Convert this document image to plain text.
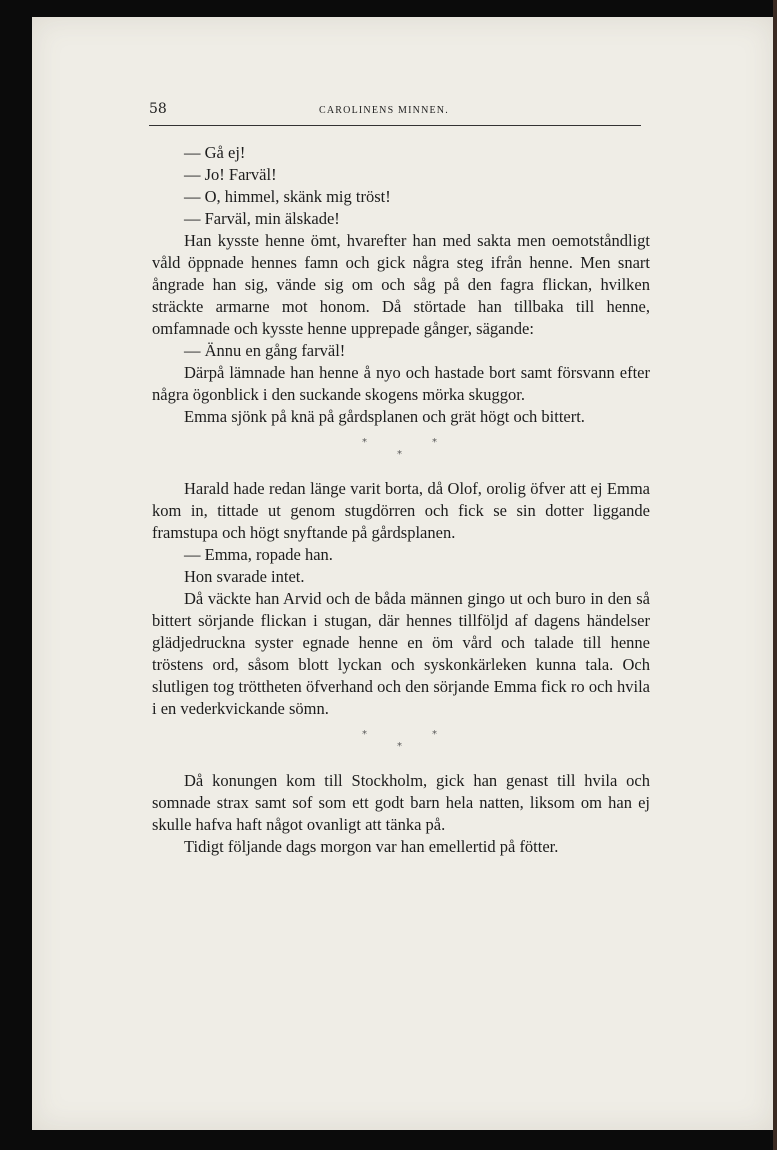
58	CAROLINENS MINNEN.

— Gå ej!

— Jo! Farväl!

— O, himmel, skänk mig tröst!

— Farväl, min älskade!

Han kysste henne ömt, hvarefter han med sakta men oemotståndligt våld öppnade hennes famn och gick några steg ifrån henne. Men snart ångrade han sig, vände sig om och såg på den fagra flickan, hvilken sträckte armarne mot honom. Då störtade han tillbaka till henne, omfamnade och kysste henne upprepade gånger, sägande:

— Ännu en gång farväl!

Därpå lämnade han henne å nyo och hastade bort samt försvann efter några ögonblick i den suckande skogens mörka skuggor.

Emma sjönk på knä på gårdsplanen och grät högt och bittert.

*	*
*

Harald hade redan länge varit borta, då Olof, orolig öfver att ej Emma kom in, tittade ut genom stugdörren och fick se sin dotter liggande framstupa och högt snyftande på gårdsplanen.

— Emma, ropade han.

Hon svarade intet.

Då väckte han Arvid och de båda männen gingo ut och buro in den så bittert sörjande flickan i stugan, där hennes tillföljd af dagens händelser glädjedruckna syster egnade henne en öm vård och talade till henne tröstens ord, såsom blott lyckan och syskonkärleken kunna tala. Och slutligen tog tröttheten öfverhand och den sörjande Emma fick ro och hvila i en vederkvickande sömn.

*	*
*

Då konungen kom till Stockholm, gick han genast till hvila och somnade strax samt sof som ett godt barn hela natten, liksom om han ej skulle hafva haft något ovanligt att tänka på.

Tidigt följande dags morgon var han emellertid på fötter.
